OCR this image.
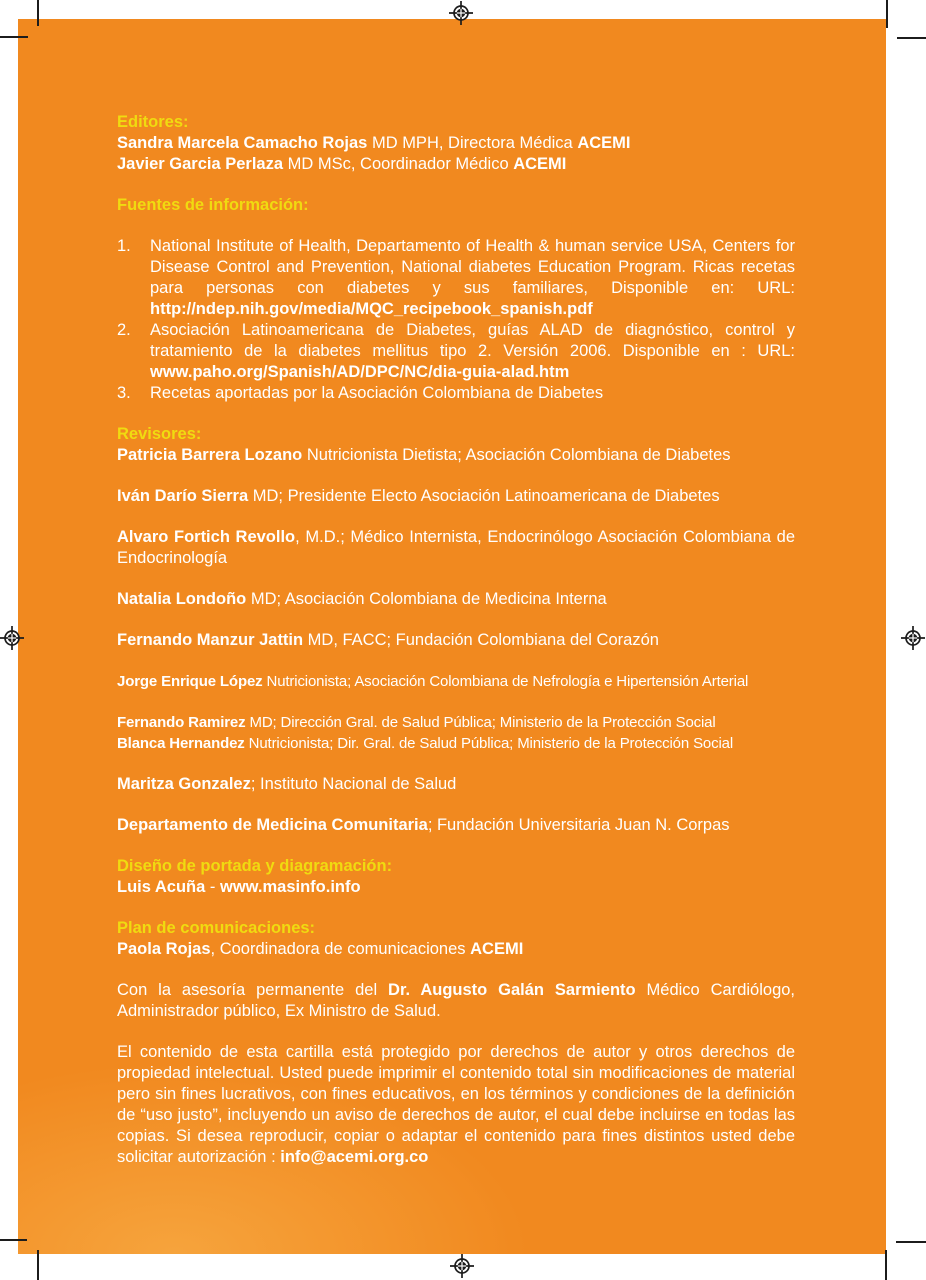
Editores:
Sandra Marcela Camacho Rojas MD MPH, Directora Médica ACEMI
Javier Garcia Perlaza MD MSc, Coordinador Médico ACEMI
Fuentes de información:
1.	National Institute of Health, Departamento of Health & human service USA, Centers for Disease Control and Prevention, National diabetes Education Program. Ricas recetas para personas con diabetes y sus familiares, Disponible en: URL:

http://ndep.nih.gov/media/MQC_recipebook_spanish.pdf
2.	Asociación Latinoamericana de Diabetes, guías ALAD de diagnóstico, control y tratamiento de la diabetes mellitus tipo 2. Versión 2006. Disponible en : URL:

www.paho.org/Spanish/AD/DPC/NC/dia-guia-alad.htm
3.	Recetas aportadas por la Asociación Colombiana de Diabetes

Revisores:
Patricia Barrera Lozano Nutricionista Dietista; Asociación Colombiana de Diabetes
Iván Darío Sierra MD; Presidente Electo Asociación Latinoamericana de Diabetes
Alvaro Fortich Revollo, M.D.; Médico Internista, Endocrinólogo Asociación Colombiana de Endocrinología
Natalia Londoño MD; Asociación Colombiana de Medicina Interna
Fernando Manzur Jattin MD, FACC; Fundación Colombiana del Corazón
Jorge Enrique López Nutricionista; Asociación Colombiana de Nefrología e Hipertensión Arterial
Fernando Ramirez MD; Dirección Gral. de Salud Pública; Ministerio de la Protección Social
Blanca Hernandez Nutricionista; Dir. Gral. de Salud Pública; Ministerio de la Protección Social
Maritza Gonzalez; Instituto Nacional de Salud
Departamento de Medicina Comunitaria; Fundación Universitaria Juan N. Corpas
Diseño de portada y diagramación:
Luis Acuña - www.masinfo.info
Plan de comunicaciones:
Paola Rojas, Coordinadora de comunicaciones ACEMI

Con la asesoría permanente del Dr. Augusto Galán Sarmiento Médico Cardiólogo, Administrador público, Ex Ministro de Salud.

El contenido de esta cartilla está protegido por derechos de autor y otros derechos de propiedad intelectual. Usted puede imprimir el contenido total sin modificaciones de material pero sin fines lucrativos, con fines educativos, en los términos y condiciones de la definición de “uso justo”, incluyendo un aviso de derechos de autor, el cual debe incluirse en todas las copias. Si desea reproducir, copiar o adaptar el contenido para fines distintos usted debe solicitar autorización : info@acemi.org.co
